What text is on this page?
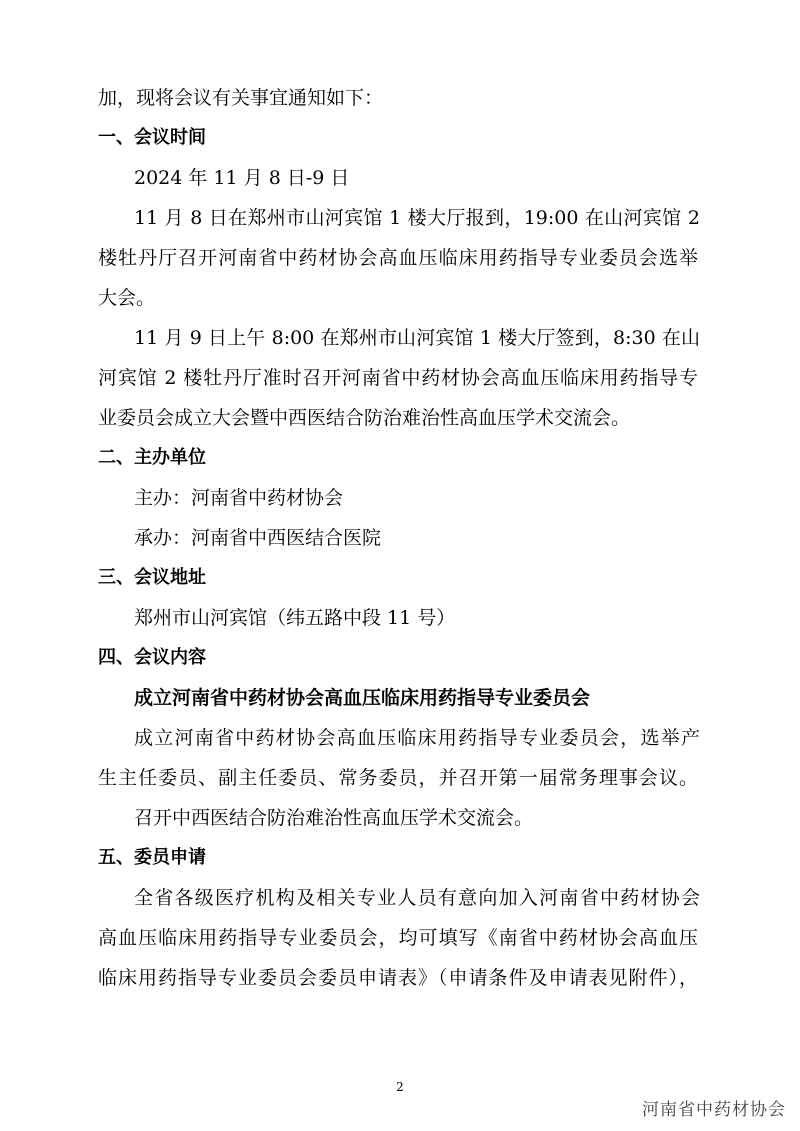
加，现将会议有关事宜通知如下：
一、会议时间
2024 年 11 月 8 日-9 日
11 月 8 日在郑州市山河宾馆 1 楼大厅报到，19:00 在山河宾馆 2
楼牡丹厅召开河南省中药材协会高血压临床用药指导专业委员会选举
大会。
11 月 9 日上午 8:00 在郑州市山河宾馆 1 楼大厅签到，8:30 在山
河宾馆 2 楼牡丹厅准时召开河南省中药材协会高血压临床用药指导专
业委员会成立大会暨中西医结合防治难治性高血压学术交流会。
二、主办单位
主办：河南省中药材协会
承办：河南省中西医结合医院
三、会议地址
郑州市山河宾馆（纬五路中段 11 号）
四、会议内容
成立河南省中药材协会高血压临床用药指导专业委员会
成立河南省中药材协会高血压临床用药指导专业委员会，选举产
生主任委员、副主任委员、常务委员，并召开第一届常务理事会议。
召开中西医结合防治难治性高血压学术交流会。
五、委员申请
全省各级医疗机构及相关专业人员有意向加入河南省中药材协会
高血压临床用药指导专业委员会，均可填写《南省中药材协会高血压
临床用药指导专业委员会委员申请表》（申请条件及申请表见附件），
2
河南省中药材协会
